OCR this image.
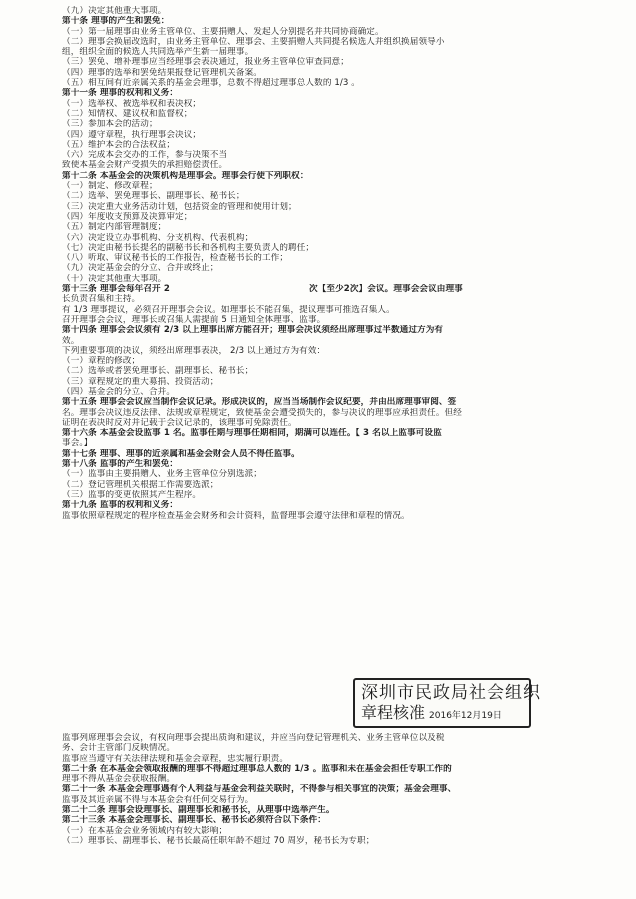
（九）决定其他重大事项。
第十条 理事的产生和罢免：
（一）第一届理事由业务主管单位、主要捐赠人、发起人分别提名并共同协商确定。
（二）理事会换届改选时，由业务主管单位、理事会、主要捐赠人共同提名候选人并组织换届领导小
组，组织全面的候选人共同选举产生新一届理事。
（三）罢免、增补理事应当经理事会表决通过，报业务主管单位审查同意；
（四）理事的选举和罢免结果报登记管理机关备案。
（五）相互间有近亲属关系的基金会理事，总数不得超过理事总人数的 1/3 。
第十一条 理事的权利和义务：
（一）选举权、被选举权和表决权；
（二）知情权、建议权和监督权；
（三）参加本会的活动；
（四）遵守章程，执行理事会决议；
（五）维护本会的合法权益；
（六）完成本会交办的工作，参与决策不当
致使本基金会财产受损失的承担赔偿责任。
第十二条 本基金会的决策机构是理事会。理事会行使下列职权：
（一）制定、修改章程；
（二）选举、罢免理事长、副理事长、秘书长；
（三）决定重大业务活动计划，包括资金的管理和使用计划；
（四）年度收支预算及决算审定；
（五）制定内部管理制度；
（六）决定设立办事机构、分支机构、代表机构；
（七）决定由秘书长提名的副秘书长和各机构主要负责人的聘任；
（八）听取、审议秘书长的工作报告，检查秘书长的工作；
（九）决定基金会的分立、合并或终止；
（十）决定其他重大事项。
第十三条 理事会每年召开 2　　　　　　　　　　　　　　　　次【至少2次】会议。理事会会议由理事
长负责召集和主持。
有 1/3 理事提议，必须召开理事会会议。如理事长不能召集，提议理事可推选召集人。
召开理事会会议，理事长或召集人需提前 5 日通知全体理事、监事。
第十四条 理事会会议须有 2/3 以上理事出席方能召开；理事会决议须经出席理事过半数通过方为有
效。
下列重要事项的决议，须经出席理事表决， 2/3 以上通过方为有效：
（一）章程的修改；
（二）选举或者罢免理事长、副理事长、秘书长；
（三）章程规定的重大募捐、投资活动；
（四）基金会的分立、合并。
第十五条 理事会会议应当制作会议记录。形成决议的，应当当场制作会议纪要，并由出席理事审阅、签
名。理事会决议违反法律、法规或章程规定，致使基金会遭受损失的，参与决议的理事应承担责任。但经
证明在表决时反对并记载于会议记录的，该理事可免除责任。
第十六条 本基金会设监事 1 名。监事任期与理事任期相同，期满可以连任。【 3 名以上监事可设监
事会。】
第十七条 理事、理事的近亲属和基金会财会人员不得任监事。
第十八条 监事的产生和罢免：
（一）监事由主要捐赠人、业务主管单位分别选派；
（二）登记管理机关根据工作需要选派；
（三）监事的变更依照其产生程序。
第十九条 监事的权利和义务：
监事依照章程规定的程序检查基金会财务和会计资料，监督理事会遵守法律和章程的情况。
深圳市民政局社会组织
章程核准 2016年12月19日
监事列席理事会会议，有权向理事会提出质询和建议，并应当向登记管理机关、业务主管单位以及税
务、会计主管部门反映情况。
监事应当遵守有关法律法规和基金会章程，忠实履行职责。
第二十条 在本基金会领取报酬的理事不得超过理事总人数的 1/3 。监事和未在基金会担任专职工作的
理事不得从基金会获取报酬。
第二十一条 本基金会理事遇有个人利益与基金会利益关联时，不得参与相关事宜的决策；基金会理事、
监事及其近亲属不得与本基金会有任何交易行为。
第二十二条 理事会设理事长、副理事长和秘书长，从理事中选举产生。
第二十三条 本基金会理事长、副理事长、秘书长必须符合以下条件：
（一）在本基金会业务领域内有较大影响；
（二）理事长、副理事长、秘书长最高任职年龄不超过 70 周岁，秘书长为专职；
